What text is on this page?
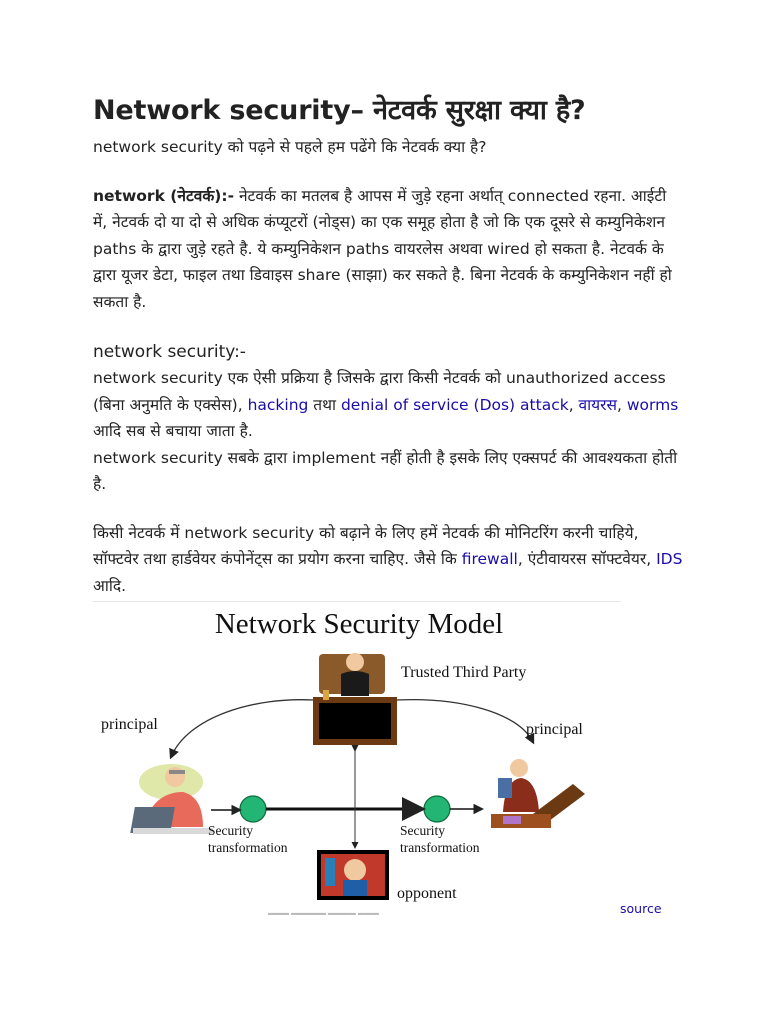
Network security– नेटवर्क सुरक्षा क्या है?

network security को पढ़ने से पहले हम पढेंगे कि नेटवर्क क्या है?

network (नेटवर्क):- नेटवर्क का मतलब है आपस में जुड़े रहना अर्थात् connected रहना. आईटी में, नेटवर्क दो या दो से अधिक कंप्यूटरों (नोड्स) का एक समूह होता है जो कि एक दूसरे से कम्युनिकेशन paths के द्वारा जुड़े रहते है. ये कम्युनिकेशन paths वायरलेस अथवा wired हो सकता है. नेटवर्क के द्वारा यूजर डेटा, फाइल तथा डिवाइस share (साझा) कर सकते है. बिना नेटवर्क के कम्युनिकेशन नहीं हो सकता है.

network security:-

network security एक ऐसी प्रक्रिया है जिसके द्वारा किसी नेटवर्क को unauthorized access (बिना अनुमति के एक्सेस), hacking तथा denial of service (Dos) attack, वायरस, worms आदि सब से बचाया जाता है.

network security सबके द्वारा implement नहीं होती है इसके लिए एक्सपर्ट की आवश्यकता होती है.

किसी नेटवर्क में network security को बढ़ाने के लिए हमें नेटवर्क की मोनिटरिंग करनी चाहिये, सॉफ्टवेर तथा हार्डवेयर कंपोनेंट्स का प्रयोग करना चाहिए. जैसे कि firewall, एंटीवायरस सॉफ्टवेयर, IDS आदि.

Network Security Model
Trusted Third Party
principal	principal
Security
transformation
Security
transformation
opponent
▬▬▬ ▬▬▬▬▬ ▬▬▬▬ ▬▬▬	source
